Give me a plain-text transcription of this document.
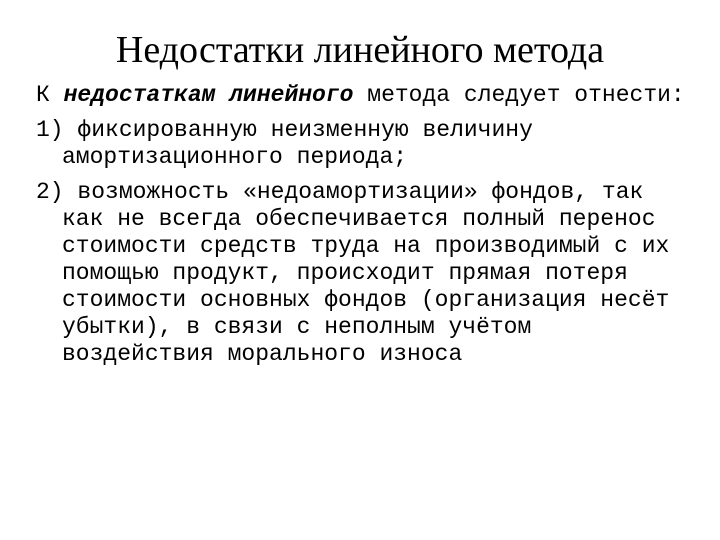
Недостатки линейного метода

К недостаткам линейного метода следует отнести:

1) фиксированную неизменную величину амортизационного периода;

2) возможность «недоамортизации» фондов, так как не всегда обеспечивается полный перенос стоимости средств труда на производимый с их помощью продукт, происходит прямая потеря стоимости основных фондов (организация несёт убытки), в связи с неполным учётом воздействия морального износа
